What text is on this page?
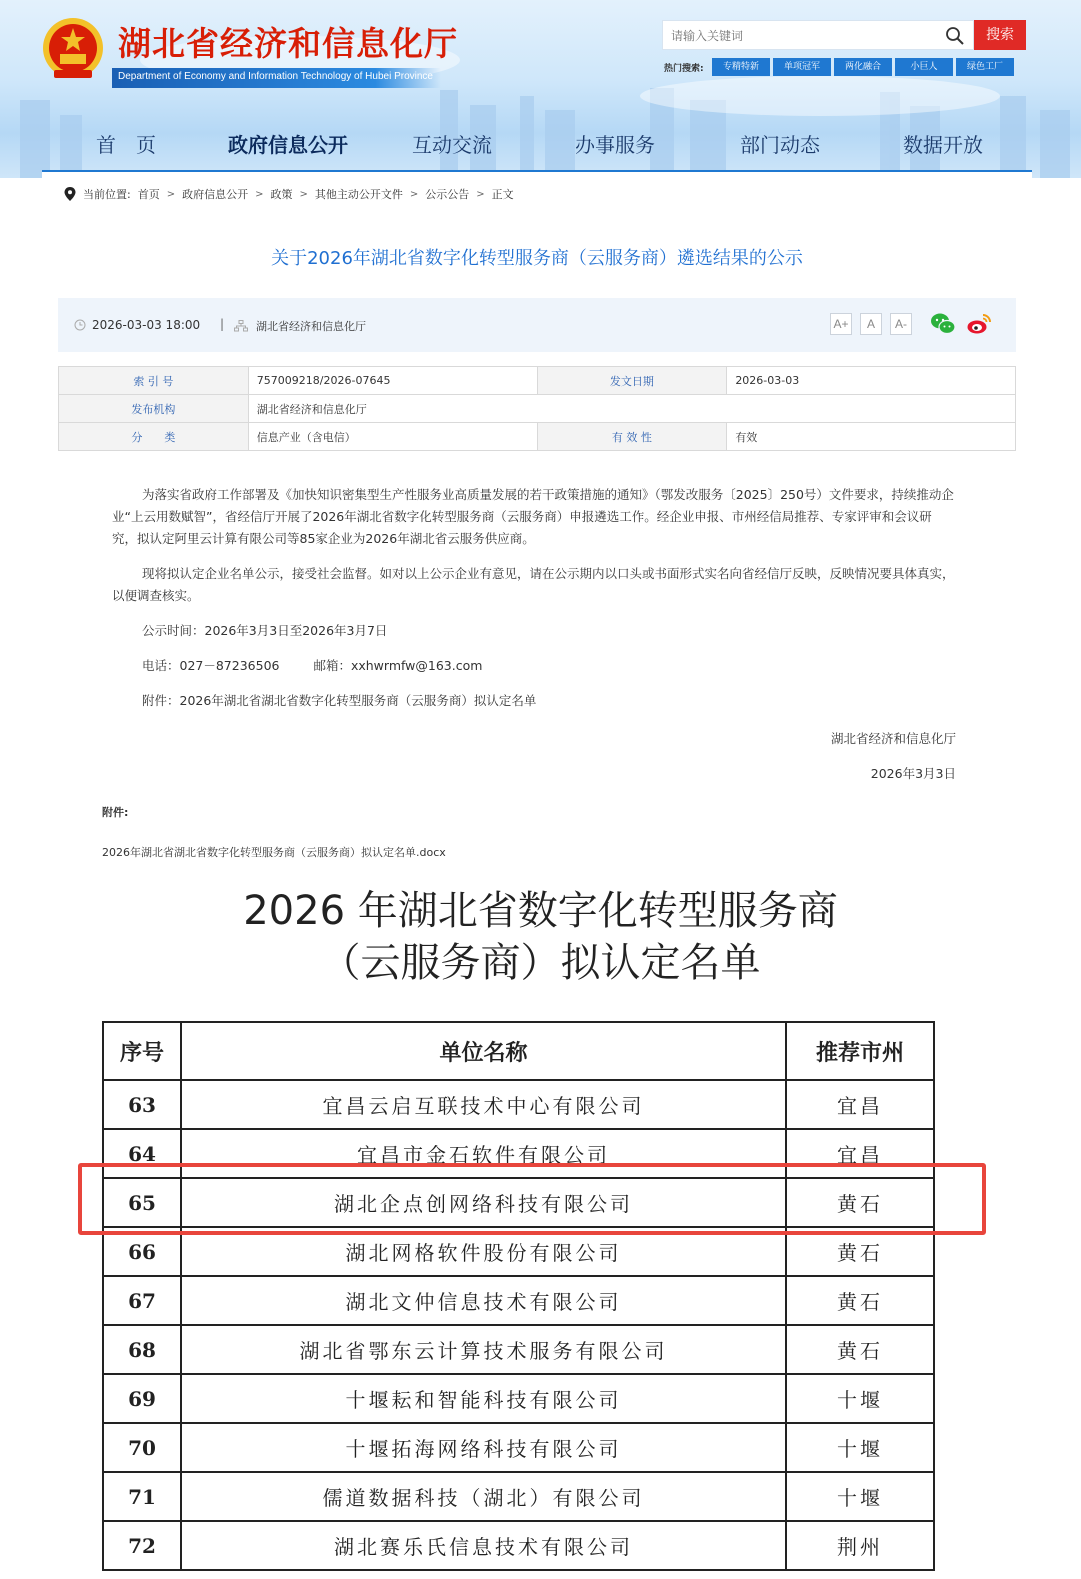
湖北省经济和信息化厅
Department of Economy and Information Technology of Hubei Province
请输入关键词
搜索
热门搜索:	专精特新	单项冠军	两化融合	小巨人	绿色工厂
首　页	政府信息公开	互动交流	办事服务	部门动态	数据开放
当前位置: 首页 > 政府信息公开 > 政策 > 其他主动公开文件 > 公示公告 > 正文
关于2026年湖北省数字化转型服务商（云服务商）遴选结果的公示
2026-03-03 18:00 |	湖北省经济和信息化厅	A+	A	A-
索 引 号	757009218/2026-07645	发文日期	2026-03-03
发布机构	湖北省经济和信息化厅		
分　　类	信息产业（含电信）	有 效 性	有效

为落实省政府工作部署及《加快知识密集型生产性服务业高质量发展的若干政策措施的通知》（鄂发改服务〔2025〕250号）文件要求，持续推动企业“上云用数赋智”，省经信厅开展了2026年湖北省数字化转型服务商（云服务商）申报遴选工作。经企业申报、市州经信局推荐、专家评审和会议研究，拟认定阿里云计算有限公司等85家企业为2026年湖北省云服务供应商。

现将拟认定企业名单公示，接受社会监督。如对以上公示企业有意见，请在公示期内以口头或书面形式实名向省经信厅反映，反映情况要具体真实，以便调查核实。

公示时间：2026年3月3日至2026年3月7日

电话：027－87236506	邮箱：xxhwrmfw@163.com

附件：2026年湖北省湖北省数字化转型服务商（云服务商）拟认定名单

湖北省经济和信息化厅
2026年3月3日
附件:
2026年湖北省湖北省数字化转型服务商（云服务商）拟认定名单.docx
2026 年湖北省数字化转型服务商
（云服务商）拟认定名单
序号	单位名称	推荐市州
63	宜昌云启互联技术中心有限公司	宜昌
64	宜昌市金石软件有限公司	宜昌
65	湖北企点创网络科技有限公司	黄石
66	湖北网格软件股份有限公司	黄石
67	湖北文仲信息技术有限公司	黄石
68	湖北省鄂东云计算技术服务有限公司	黄石
69	十堰耘和智能科技有限公司	十堰
70	十堰拓海网络科技有限公司	十堰
71	儒道数据科技（湖北）有限公司	十堰
72	湖北赛乐氏信息技术有限公司	荆州
